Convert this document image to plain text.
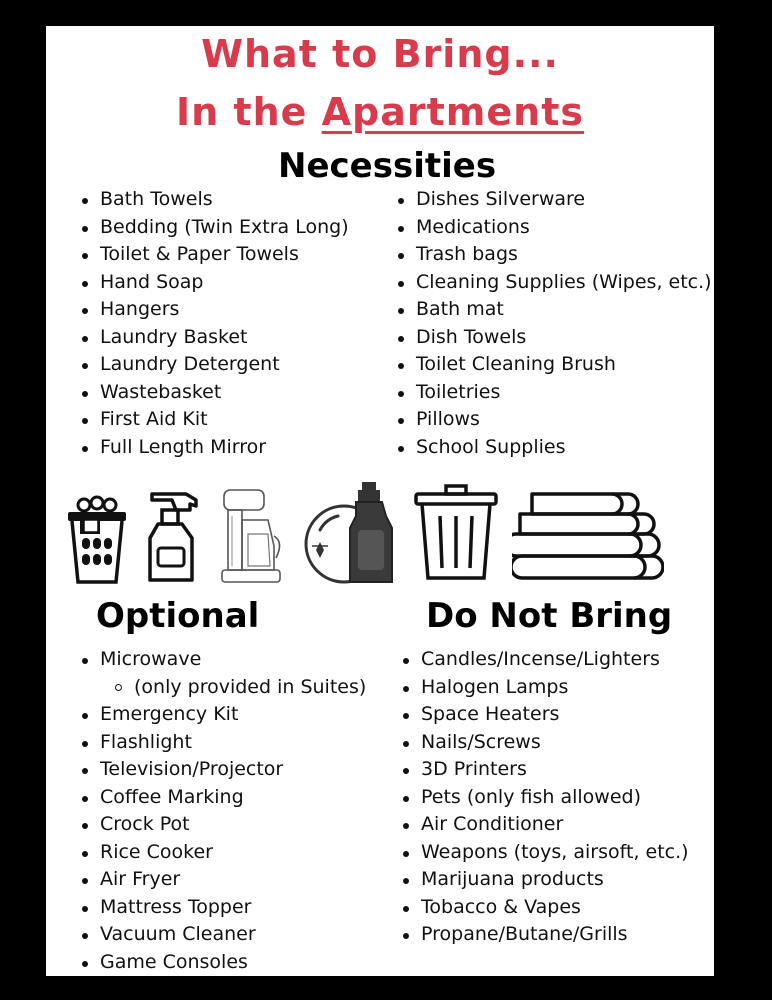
What to Bring...
In the Apartments
Necessities
Bath Towels
Bedding (Twin Extra Long)
Toilet & Paper Towels
Hand Soap
Hangers
Laundry Basket
Laundry Detergent
Wastebasket
First Aid Kit
Full Length Mirror
Dishes Silverware
Medications
Trash bags
Cleaning Supplies (Wipes, etc.)
Bath mat
Dish Towels
Toilet Cleaning Brush
Toiletries
Pillows
School Supplies
Optional	Do Not Bring
Microwave
(only provided in Suites)
Emergency Kit
Flashlight
Television/Projector
Coffee Marking
Crock Pot
Rice Cooker
Air Fryer
Mattress Topper
Vacuum Cleaner
Game Consoles
Candles/Incense/Lighters
Halogen Lamps
Space Heaters
Nails/Screws
3D Printers
Pets (only fish allowed)
Air Conditioner
Weapons (toys, airsoft, etc.)
Marijuana products
Tobacco & Vapes
Propane/Butane/Grills
